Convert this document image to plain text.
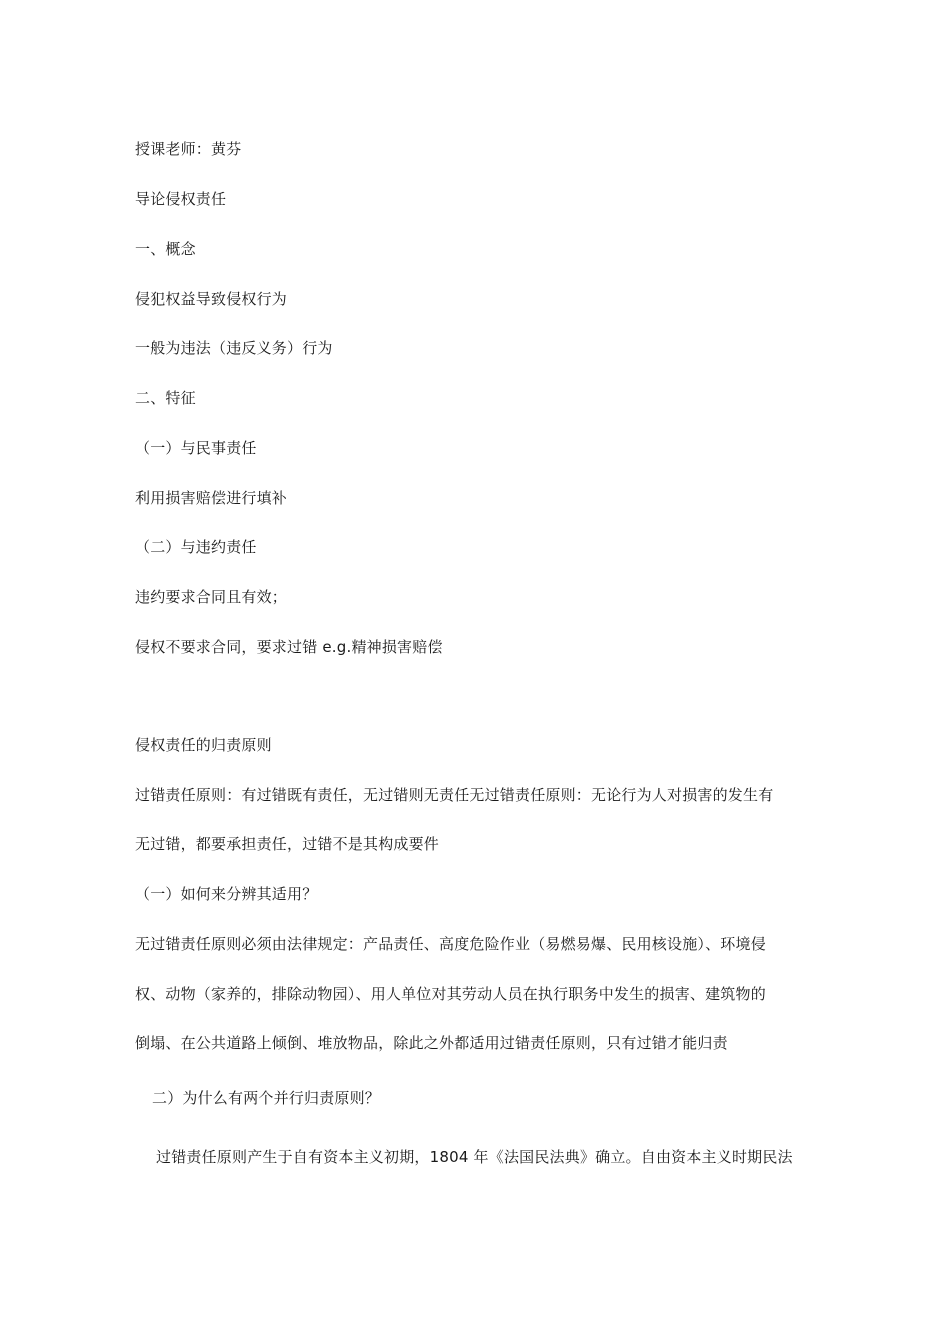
授课老师：黄芬
导论侵权责任
一、概念
侵犯权益导致侵权行为
一般为违法（违反义务）行为
二、特征
（一）与民事责任
利用损害赔偿进行填补
（二）与违约责任
违约要求合同且有效；
侵权不要求合同，要求过错 e.g.精神损害赔偿
侵权责任的归责原则
过错责任原则：有过错既有责任，无过错则无责任无过错责任原则：无论行为人对损害的发生有
无过错，都要承担责任，过错不是其构成要件
（一）如何来分辨其适用？
无过错责任原则必须由法律规定：产品责任、高度危险作业（易燃易爆、民用核设施）、环境侵
权、动物（家养的，排除动物园）、用人单位对其劳动人员在执行职务中发生的损害、建筑物的
倒塌、在公共道路上倾倒、堆放物品，除此之外都适用过错责任原则，只有过错才能归责
二）为什么有两个并行归责原则？
过错责任原则产生于自有资本主义初期，1804 年《法国民法典》确立。自由资本主义时期民法
